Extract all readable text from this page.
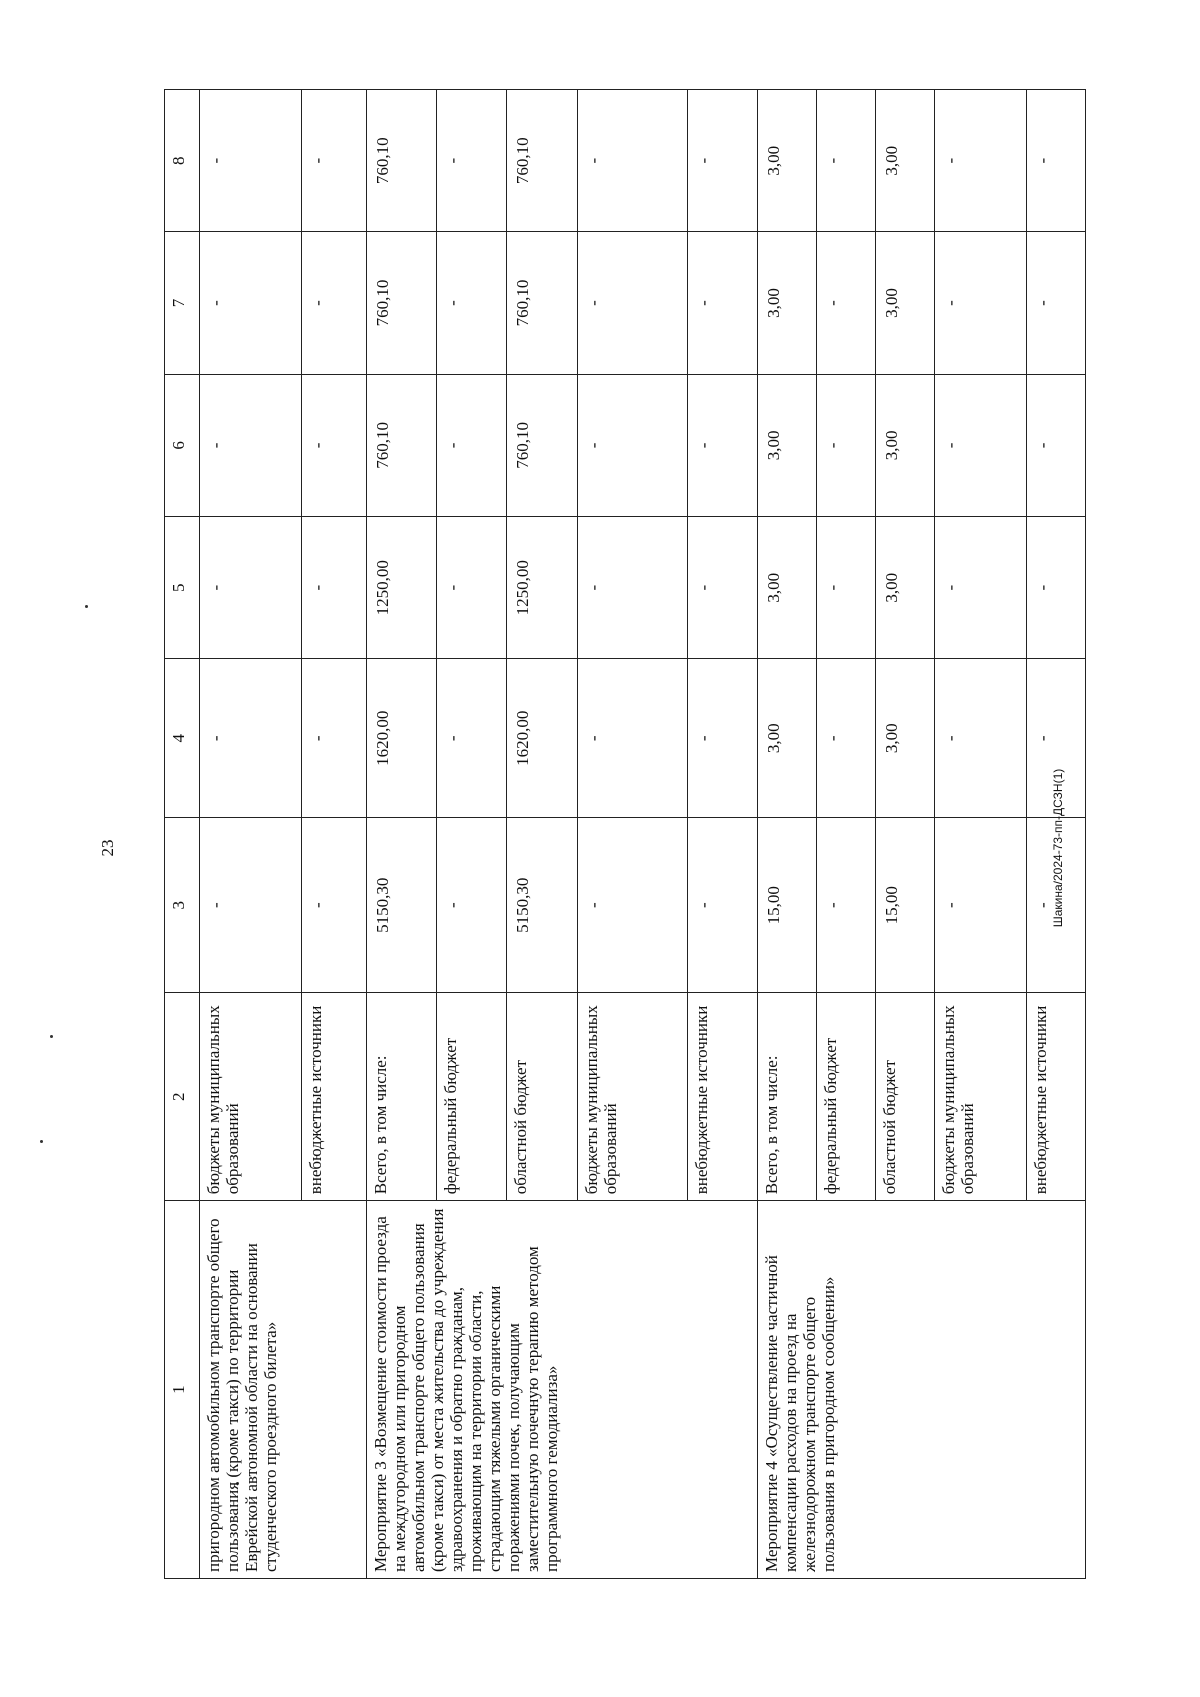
23	Шакина/2024-73-пп-ДСЗН(1)
1	2	3	4	5	6	7	8
пригородном автомобильном транспорте общего пользования (кроме такси) по территории Еврейской автономной области на основании студенческого проездного билета»	бюджеты муниципальных образований	-	-	-	-	-	-
	внебюджетные источники	-	-	-	-	-	-
Мероприятие 3 «Возмещение стоимости проезда на междугородном или пригородном автомобильном транспорте общего пользования (кроме такси) от места жительства до учреждения здравоохранения и обратно гражданам, проживающим на территории области, страдающим тяжелыми органическими поражениями почек, получающим заместительную почечную терапию методом программного гемодиализа»	Всего, в том числе:	5150,30	1620,00	1250,00	760,10	760,10	760,10
	федеральный бюджет	-	-	-	-	-	-
	областной бюджет	5150,30	1620,00	1250,00	760,10	760,10	760,10
	бюджеты муниципальных образований	-	-	-	-	-	-
	внебюджетные источники	-	-	-	-	-	-
Мероприятие 4 «Осуществление частичной компенсации расходов на проезд на железнодорожном транспорте общего пользования в пригородном сообщении»	Всего, в том числе:	15,00	3,00	3,00	3,00	3,00	3,00
	федеральный бюджет	-	-	-	-	-	-
	областной бюджет	15,00	3,00	3,00	3,00	3,00	3,00
	бюджеты муниципальных образований	-	-	-	-	-	-
	внебюджетные источники	-	-	-	-	-	-
